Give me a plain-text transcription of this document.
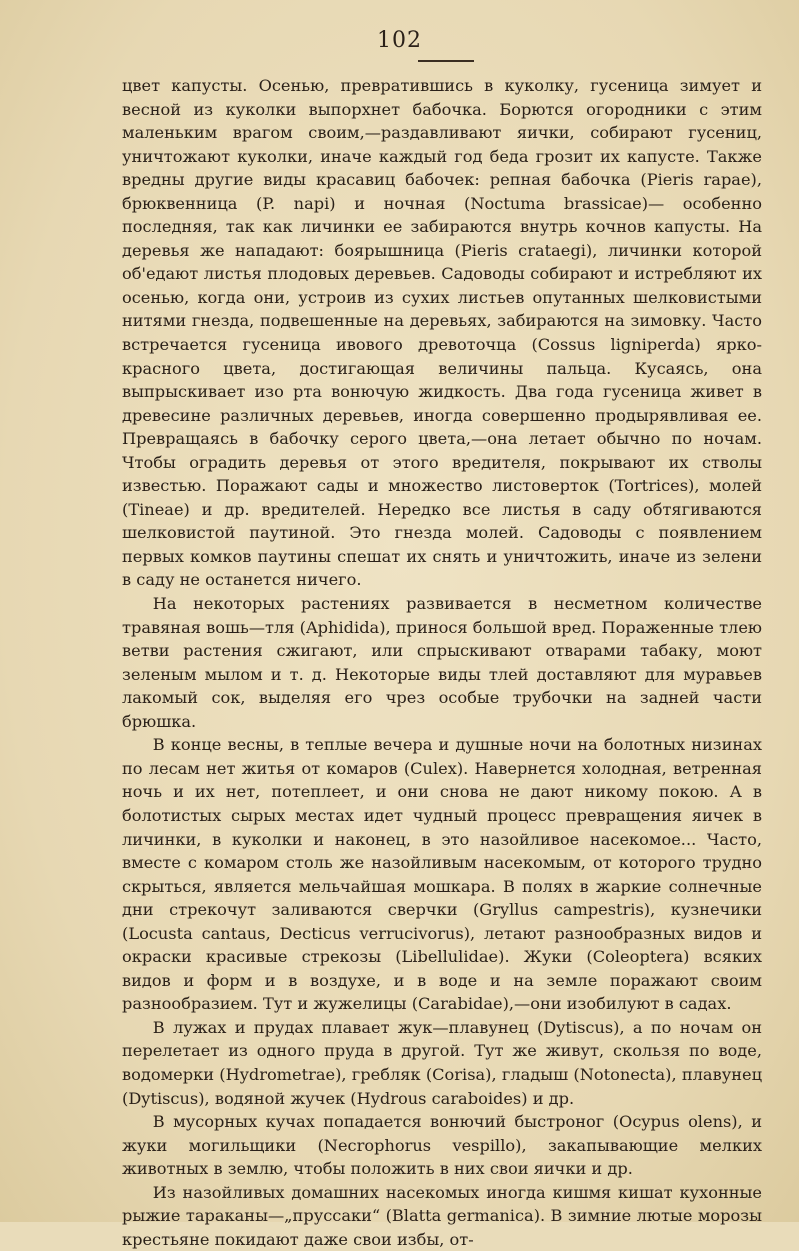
102

цвет капусты. Осенью, превратившись в куколку, гусеница зимует и весной из куколки выпорхнет бабочка. Борются огородники с этим маленьким врагом своим,—раздавливают яички, собирают гусениц, уничтожают куколки, иначе каждый год беда грозит их капусте. Также вредны другие виды красавиц бабочек: репная бабочка (Pieris rapae), брюквенница (P. napi) и ночная (Noctuma brassicae)— особенно последняя, так как личинки ее забираются внутрь кочнов капусты. На деревья же нападают: боярышница (Pieris crataegi), личинки которой об'едают листья плодовых деревьев. Садоводы собирают и истребляют их осенью, когда они, устроив из сухих листьев опутанных шелковистыми нитями гнезда, подвешенные на деревьях, забираются на зимовку. Часто встречается гусеница ивового древоточца (Cossus ligniperda) ярко-красного цвета, достигающая величины пальца. Кусаясь, она выпрыскивает изо рта вонючую жидкость. Два года гусеница живет в древесине различных деревьев, иногда совершенно продырявливая ее. Превращаясь в бабочку серого цвета,—она летает обычно по ночам. Чтобы оградить деревья от этого вредителя, покрывают их стволы известью. Поражают сады и множество листоверток (Tortrices), молей (Tineae) и др. вредителей. Нередко все листья в саду обтягиваются шелковистой паутиной. Это гнезда молей. Садоводы с появлением первых комков паутины спешат их снять и уничтожить, иначе из зелени в саду не останется ничего.

На некоторых растениях развивается в несметном количестве травяная вошь—тля (Aphidida), принося большой вред. Пораженные тлею ветви растения сжигают, или спрыскивают отварами табаку, моют зеленым мылом и т. д. Некоторые виды тлей доставляют для муравьев лакомый сок, выделяя его чрез особые трубочки на задней части брюшка.

В конце весны, в теплые вечера и душные ночи на болотных низинах по лесам нет житья от комаров (Culex). Навернется холодная, ветренная ночь и их нет, потеплеет, и они снова не дают никому покою. А в болотистых сырых местах идет чудный процесс превращения яичек в личинки, в куколки и наконец, в это назойливое насекомое... Часто, вместе с комаром столь же назойливым насекомым, от которого трудно скрыться, является мельчайшая мошкара. В полях в жаркие солнечные дни стрекочут заливаются сверчки (Gryllus campestris), кузнечики (Locusta cantaus, Decticus verrucivorus), летают разнообразных видов и окраски красивые стрекозы (Libellulidae). Жуки (Coleoptera) всяких видов и форм и в воздухе, и в воде и на земле поражают своим разнообразием. Тут и жужелицы (Carabidae),—они изобилуют в садах.

В лужах и прудах плавает жук—плавунец (Dytiscus), а по ночам он перелетает из одного пруда в другой. Тут же живут, скользя по воде, водомерки (Hydrometrae), гребляк (Corisa), гладыш (Notonecta), плавунец (Dytiscus), водяной жучек (Hydrous caraboides) и др.

В мусорных кучах попадается вонючий быстроног (Ocypus olens), и жуки могильщики (Necrophorus vespillo), закапывающие мелких животных в землю, чтобы положить в них свои яички и др.

Из назойливых домашних насекомых иногда кишмя кишат кухонные рыжие тараканы—„пруссаки“ (Blatta germanica). В зимние лютые морозы крестьяне покидают даже свои избы, от-
